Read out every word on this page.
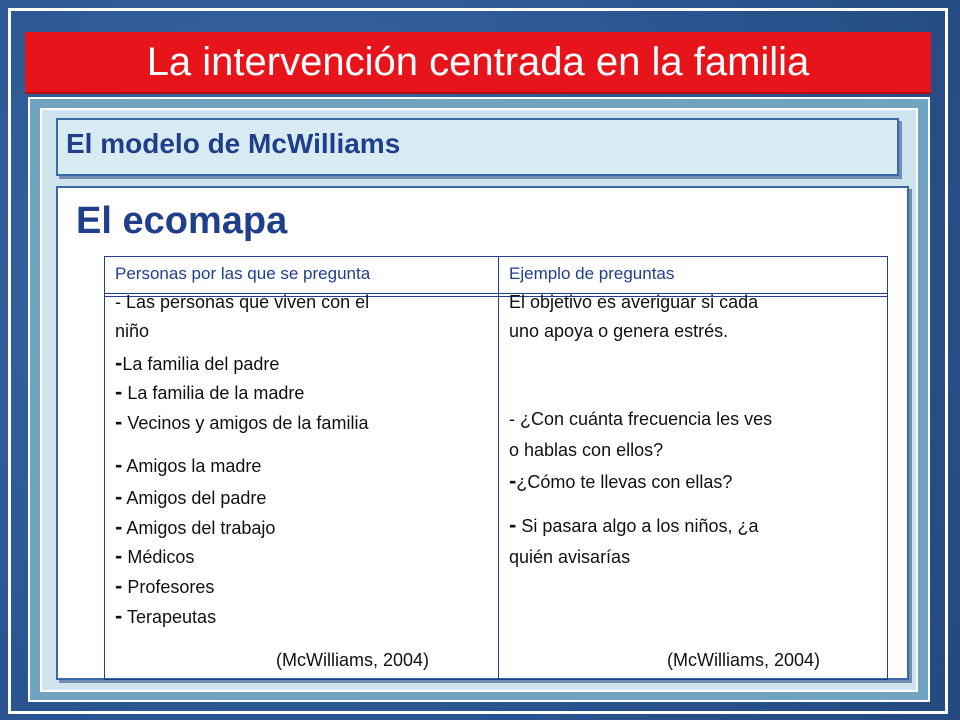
La intervención centrada en la familia
El modelo de McWilliams
El ecomapa
Personas por las que se pregunta	Ejemplo de preguntas
- Las personas que viven con el
niño
-La familia del padre
- La familia de la madre
- Vecinos y amigos de la familia
- Amigos la madre
- Amigos del padre
- Amigos del trabajo
- Médicos
- Profesores
- Terapeutas
(McWilliams, 2004)
El objetivo es averiguar si cada
uno apoya o genera estrés.
- ¿Con cuánta frecuencia les ves
o hablas con ellos?
-¿Cómo te llevas con ellas?
- Si pasara algo a los niños, ¿a
quién avisarías
(McWilliams, 2004)
